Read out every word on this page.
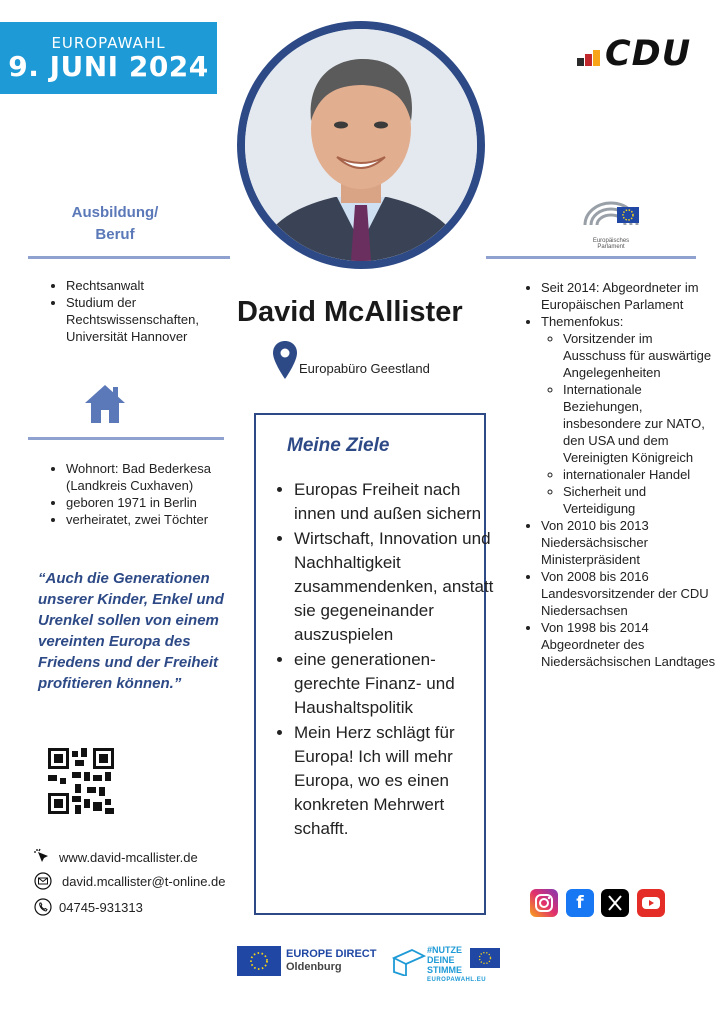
EUROPAWAHL
9. JUNI 2024	CDU
Europäisches Parlament
Ausbildung/
Beruf
• Rechtsanwalt
• Studium der Rechtswissenschaften, Universität Hannover
• Wohnort: Bad Bederkesa (Landkreis Cuxhaven)
• geboren 1971 in Berlin
• verheiratet, zwei Töchter
“Auch die Generationen unserer Kinder, Enkel und Urenkel sollen von einem vereinten Europa des Friedens und der Freiheit profitieren können.”
www.david-mcallister.de
david.mcallister@t-online.de
04745-931313
David McAllister
Europabüro Geestland
Meine Ziele
• Europas Freiheit nach innen und außen sichern
• Wirtschaft, Innovation und Nachhaltigkeit zusammendenken, anstatt sie gegeneinander auszuspielen
• eine generationen- gerechte Finanz- und Haushaltspolitik
• Mein Herz schlägt für Europa! Ich will mehr Europa, wo es einen konkreten Mehrwert schafft.
• Seit 2014: Abgeordneter im Europäischen Parlament
• Themenfokus:
◦ Vorsitzender im Ausschuss für auswärtige Angelegenheiten
◦ Internationale Beziehungen, insbesondere zur NATO, den USA und dem Vereinigten Königreich
◦ internationaler Handel
◦ Sicherheit und Verteidigung
• Von 2010 bis 2013 Niedersächsischer Ministerpräsident
• Von 2008 bis 2016 Landesvorsitzender der CDU Niedersachsen
• Von 1998 bis 2014 Abgeordneter des Niedersächsischen Landtages
f
EUROPE DIRECT
Oldenburg
#NUTZE
DEINE
STIMME
EUROPAWAHL.EU
